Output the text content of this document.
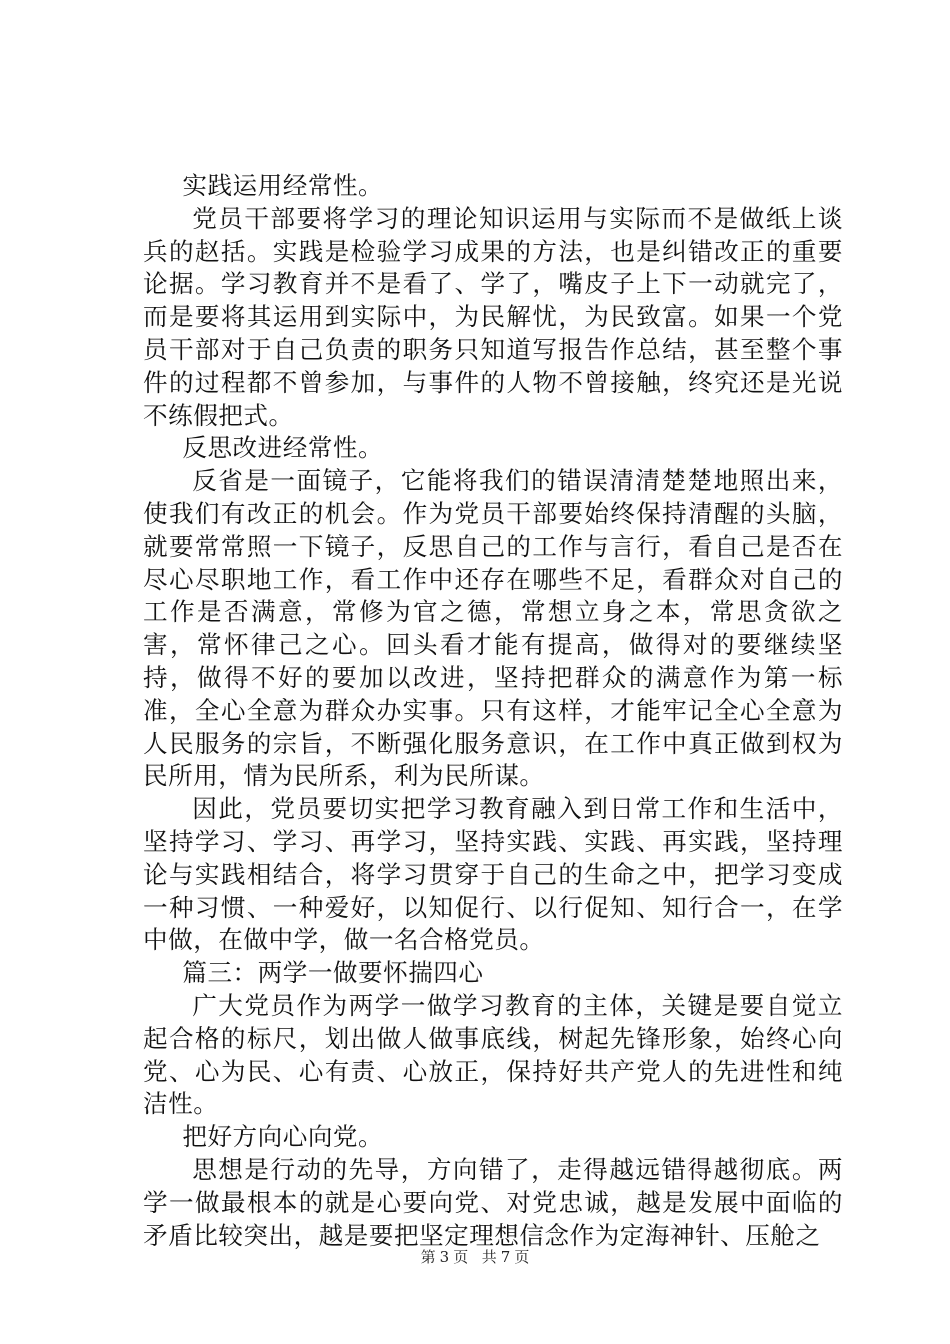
实践运用经常性。

党员干部要将学习的理论知识运用与实际而不是做纸上谈兵的赵括。实践是检验学习成果的方法，也是纠错改正的重要论据。学习教育并不是看了、学了，嘴皮子上下一动就完了，而是要将其运用到实际中，为民解忧，为民致富。如果一个党员干部对于自己负责的职务只知道写报告作总结，甚至整个事件的过程都不曾参加，与事件的人物不曾接触，终究还是光说不练假把式。

反思改进经常性。

反省是一面镜子，它能将我们的错误清清楚楚地照出来，使我们有改正的机会。作为党员干部要始终保持清醒的头脑，就要常常照一下镜子，反思自己的工作与言行，看自己是否在尽心尽职地工作，看工作中还存在哪些不足，看群众对自己的工作是否满意，常修为官之德，常想立身之本，常思贪欲之害，常怀律己之心。回头看才能有提高，做得对的要继续坚持，做得不好的要加以改进，坚持把群众的满意作为第一标准，全心全意为群众办实事。只有这样，才能牢记全心全意为人民服务的宗旨，不断强化服务意识，在工作中真正做到权为民所用，情为民所系，利为民所谋。

因此，党员要切实把学习教育融入到日常工作和生活中，坚持学习、学习、再学习，坚持实践、实践、再实践，坚持理论与实践相结合，将学习贯穿于自己的生命之中，把学习变成一种习惯、一种爱好，以知促行、以行促知、知行合一，在学中做，在做中学，做一名合格党员。

篇三：两学一做要怀揣四心

广大党员作为两学一做学习教育的主体，关键是要自觉立起合格的标尺，划出做人做事底线，树起先锋形象，始终心向党、心为民、心有责、心放正，保持好共产党人的先进性和纯洁性。

把好方向心向党。

思想是行动的先导，方向错了，走得越远错得越彻底。两学一做最根本的就是心要向党、对党忠诚，越是发展中面临的矛盾比较突出，越是要把坚定理想信念作为定海神针、压舱之

第 3 页 共 7 页
